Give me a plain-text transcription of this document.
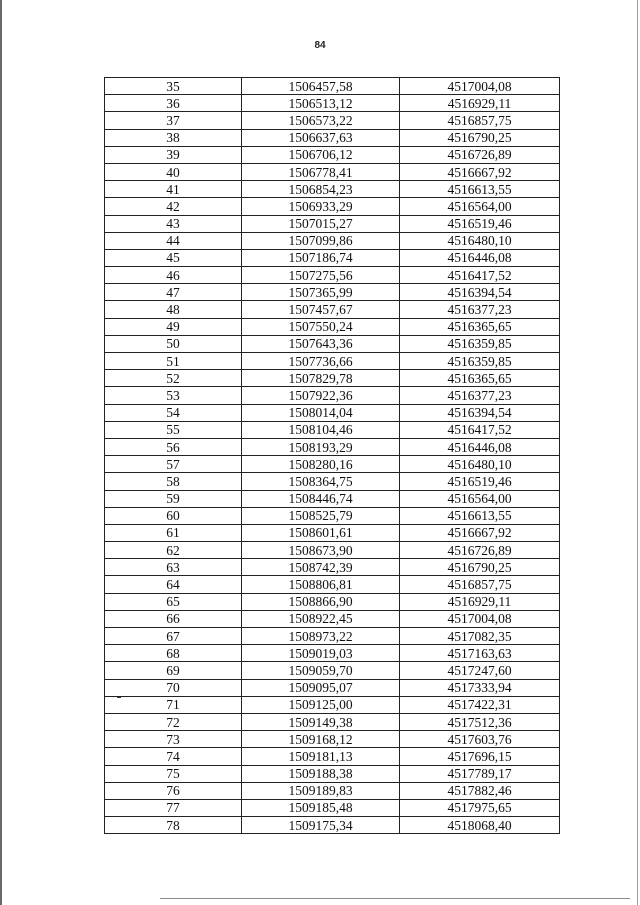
84
35	1506457,58	4517004,08
36	1506513,12	4516929,11
37	1506573,22	4516857,75
38	1506637,63	4516790,25
39	1506706,12	4516726,89
40	1506778,41	4516667,92
41	1506854,23	4516613,55
42	1506933,29	4516564,00
43	1507015,27	4516519,46
44	1507099,86	4516480,10
45	1507186,74	4516446,08
46	1507275,56	4516417,52
47	1507365,99	4516394,54
48	1507457,67	4516377,23
49	1507550,24	4516365,65
50	1507643,36	4516359,85
51	1507736,66	4516359,85
52	1507829,78	4516365,65
53	1507922,36	4516377,23
54	1508014,04	4516394,54
55	1508104,46	4516417,52
56	1508193,29	4516446,08
57	1508280,16	4516480,10
58	1508364,75	4516519,46
59	1508446,74	4516564,00
60	1508525,79	4516613,55
61	1508601,61	4516667,92
62	1508673,90	4516726,89
63	1508742,39	4516790,25
64	1508806,81	4516857,75
65	1508866,90	4516929,11
66	1508922,45	4517004,08
67	1508973,22	4517082,35
68	1509019,03	4517163,63
69	1509059,70	4517247,60
70	1509095,07	4517333,94
71	1509125,00	4517422,31
72	1509149,38	4517512,36
73	1509168,12	4517603,76
74	1509181,13	4517696,15
75	1509188,38	4517789,17
76	1509189,83	4517882,46
77	1509185,48	4517975,65
78	1509175,34	4518068,40
